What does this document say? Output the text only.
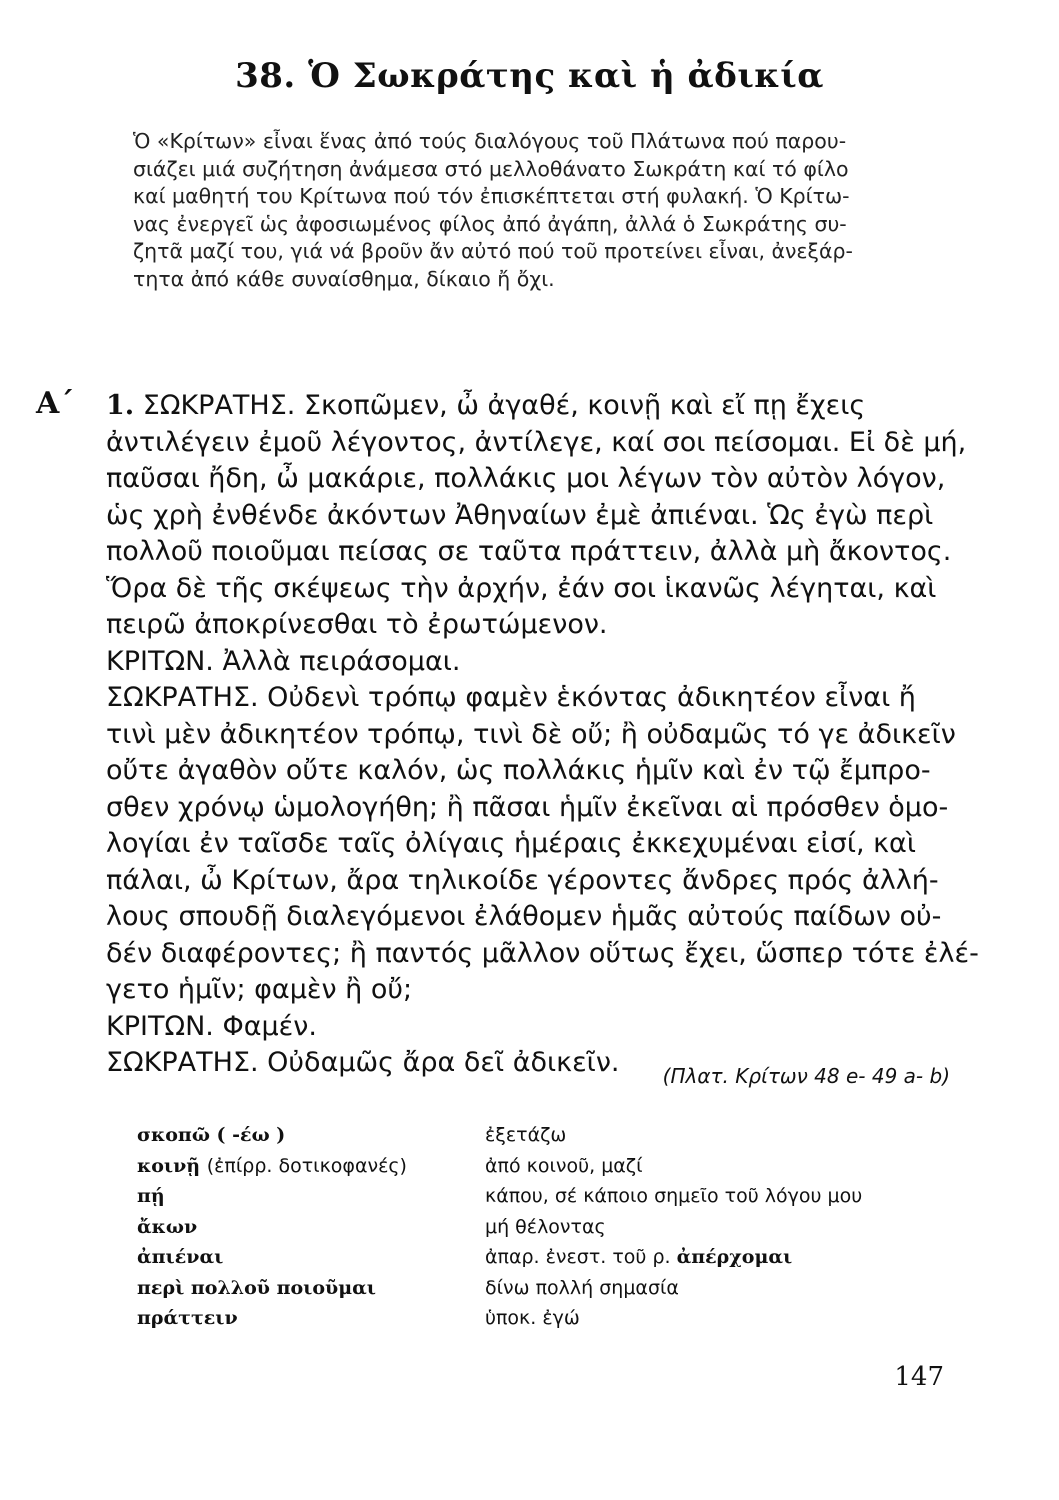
38. Ὁ Σωκράτης καὶ ἡ ἀδικία
Ὁ «Κρίτων» εἶναι ἕνας ἀπό τούς διαλόγους τοῦ Πλάτωνα πού παρου-
σιάζει μιά συζήτηση ἀνάμεσα στό μελλοθάνατο Σωκράτη καί τό φίλο
καί μαθητή του Κρίτωνα πού τόν ἐπισκέπτεται στή φυλακή. Ὁ Κρίτω-
νας ἐνεργεῖ ὡς ἀφοσιωμένος φίλος ἀπό ἀγάπη, ἀλλά ὁ Σωκράτης συ-
ζητᾶ μαζί του, γιά νά βροῦν ἄν αὐτό πού τοῦ προτείνει εἶναι, ἀνεξάρ-
τητα ἀπό κάθε συναίσθημα, δίκαιο ἤ ὄχι.
Α΄ 1. ΣΩΚΡΑΤΗΣ. Σκοπῶμεν, ὦ ἀγαθέ, κοινῇ καὶ εἴ πῃ ἔχεις
ἀντιλέγειν ἐμοῦ λέγοντος, ἀντίλεγε, καί σοι πείσομαι. Εἰ δὲ μή,
παῦσαι ἤδη, ὦ μακάριε, πολλάκις μοι λέγων τὸν αὐτὸν λόγον,
ὡς χρὴ ἐνθένδε ἀκόντων Ἀθηναίων ἐμὲ ἀπιέναι. Ὡς ἐγὼ περὶ
πολλοῦ ποιοῦμαι πείσας σε ταῦτα πράττειν, ἀλλὰ μὴ ἄκοντος.
Ὅρα δὲ τῆς σκέψεως τὴν ἀρχήν, ἐάν σοι ἱκανῶς λέγηται, καὶ
πειρῶ ἀποκρίνεσθαι τὸ ἐρωτώμενον.
ΚΡΙΤΩΝ. Ἀλλὰ πειράσομαι.
ΣΩΚΡΑΤΗΣ. Οὐδενὶ τρόπῳ φαμὲν ἑκόντας ἀδικητέον εἶναι ἤ
τινὶ μὲν ἀδικητέον τρόπῳ, τινὶ δὲ οὔ; ἢ οὐδαμῶς τό γε ἀδικεῖν
οὔτε ἀγαθὸν οὔτε καλόν, ὡς πολλάκις ἡμῖν καὶ ἐν τῷ ἔμπρο-
σθεν χρόνῳ ὡμολογήθη; ἢ πᾶσαι ἡμῖν ἐκεῖναι αἱ πρόσθεν ὁμο-
λογίαι ἐν ταῖσδε ταῖς ὀλίγαις ἡμέραις ἐκκεχυμέναι εἰσί, καὶ
πάλαι, ὦ Κρίτων, ἄρα τηλικοίδε γέροντες ἄνδρες πρός ἀλλή-
λους σπουδῇ διαλεγόμενοι ἐλάθομεν ἡμᾶς αὐτούς παίδων οὐ-
δέν διαφέροντες; ἢ παντός μᾶλλον οὕτως ἔχει, ὥσπερ τότε ἐλέ-
γετο ἡμῖν; φαμὲν ἢ οὔ;
ΚΡΙΤΩΝ. Φαμέν.
ΣΩΚΡΑΤΗΣ. Οὐδαμῶς ἄρα δεῖ ἀδικεῖν.	(Πλατ. Κρίτων 48 e- 49 a- b)
σκοπῶ ( -έω )	ἐξετάζω
κοινῇ (ἐπίρρ. δοτικοφανές)	ἀπό κοινοῦ, μαζί
πῄ	κάπου, σέ κάποιο σημεῖο τοῦ λόγου μου
ἄκων	μή θέλοντας
ἀπιέναι	ἀπαρ. ἐνεστ. τοῦ ρ. ἀπέρχομαι
περὶ πολλοῦ ποιοῦμαι	δίνω πολλή σημασία
πράττειν	ὑποκ. ἐγώ
147
